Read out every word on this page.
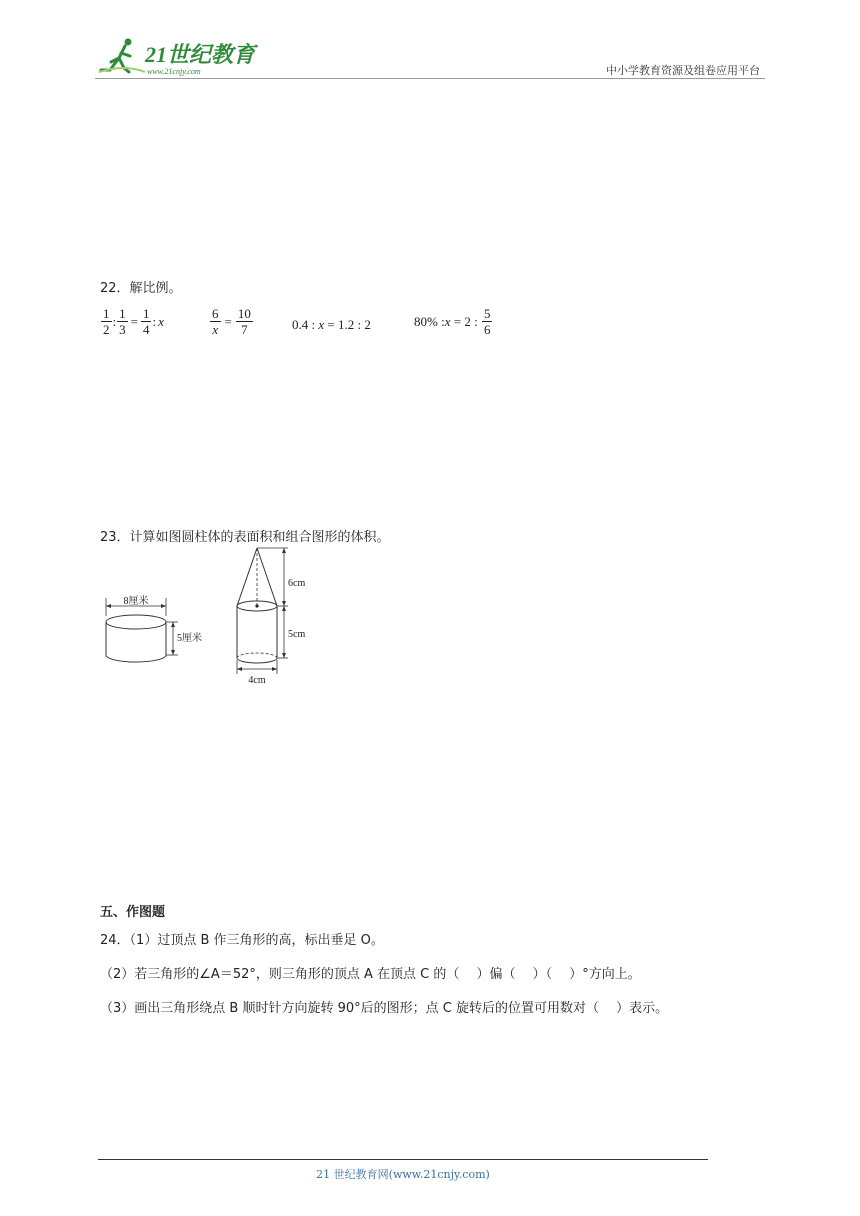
21世纪教育
www.21cnjy.com	中小学教育资源及组卷应用平台
22．解比例。
$\frac{1}{2}$ : $\frac{1}{3} = \frac{1}{4}$ : x	$\frac{6}{x} = \frac{10}{7}$	0.4 : x = 1.2 : 2	80% : x = 2 : $\frac{5}{6}$
23．计算如图圆柱体的表面积和组合图形的体积。
8厘米
5厘米
6cm
5cm
4cm
五、作图题
24．（1）过顶点 B 作三角形的高，标出垂足 O。
（2）若三角形的∠A＝52°，则三角形的顶点 A 在顶点 C 的（　 ）偏（　 ）（　 ）°方向上。
（3）画出三角形绕点 B 顺时针方向旋转 90°后的图形；点 C 旋转后的位置可用数对（　 ）表示。
21 世纪教育网(www.21cnjy.com)
